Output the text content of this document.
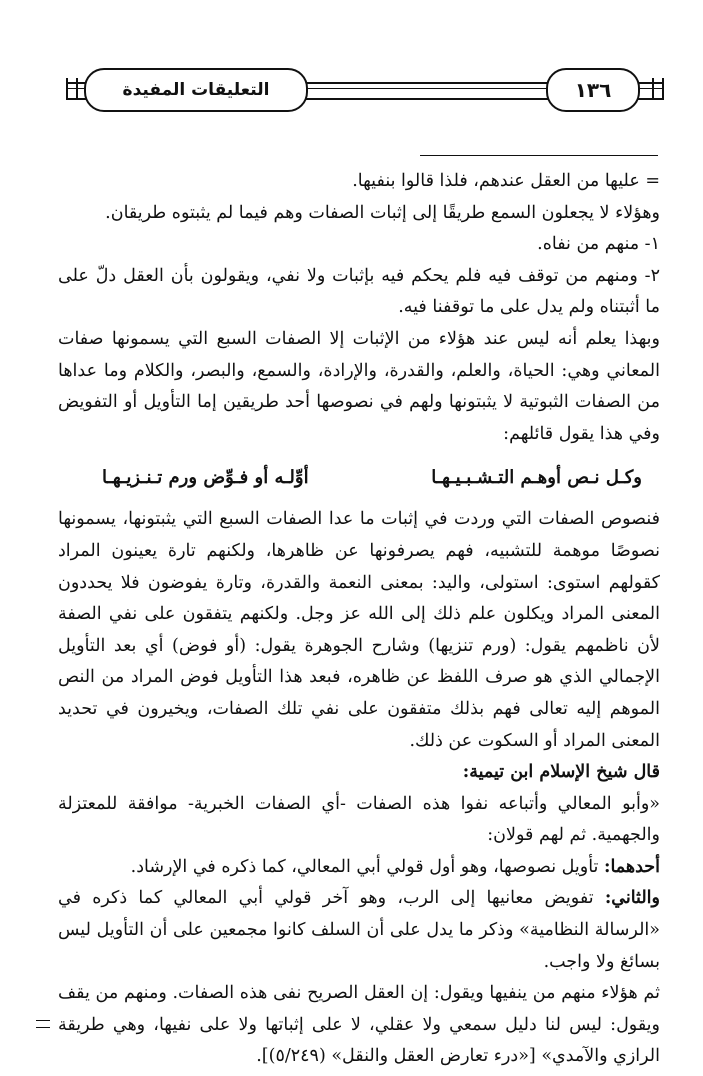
التعليقات المفيدة	١٣٦

= عليها من العقل عندهم، فلذا قالوا بنفيها.

وهؤلاء لا يجعلون السمع طريقًا إلى إثبات الصفات وهم فيما لم يثبتوه طريقان.

١- منهم من نفاه.

٢- ومنهم من توقف فيه فلم يحكم فيه بإثبات ولا نفي، ويقولون بأن العقل دلّ على ما أثبتناه ولم يدل على ما توقفنا فيه.

وبهذا يعلم أنه ليس عند هؤلاء من الإثبات إلا الصفات السبع التي يسمونها صفات المعاني وهي: الحياة، والعلم، والقدرة، والإرادة، والسمع، والبصر، والكلام وما عداها من الصفات الثبوتية لا يثبتونها ولهم في نصوصها أحد طريقين إما التأويل أو التفويض وفي هذا يقول قائلهم:

وكـل نـص أوهـم التـشـبـيـهـا
أوِّلـه أو فـوِّض ورم تـنـزيـهـا

فنصوص الصفات التي وردت في إثبات ما عدا الصفات السبع التي يثبتونها، يسمونها نصوصًا موهمة للتشبيه، فهم يصرفونها عن ظاهرها، ولكنهم تارة يعينون المراد كقولهم استوى: استولى، واليد: بمعنى النعمة والقدرة، وتارة يفوضون فلا يحددون المعنى المراد ويكلون علم ذلك إلى الله عز وجل. ولكنهم يتفقون على نفي الصفة لأن ناظمهم يقول: (ورم تنزيها) وشارح الجوهرة يقول: (أو فوض) أي بعد التأويل الإجمالي الذي هو صرف اللفظ عن ظاهره، فبعد هذا التأويل فوض المراد من النص الموهم إليه تعالى فهم بذلك متفقون على نفي تلك الصفات، ويخيرون في تحديد المعنى المراد أو السكوت عن ذلك.

قال شيخ الإسلام ابن تيمية:

«وأبو المعالي وأتباعه نفوا هذه الصفات -أي الصفات الخبرية- موافقة للمعتزلة والجهمية. ثم لهم قولان:

أحدهما: تأويل نصوصها، وهو أول قولي أبي المعالي، كما ذكره في الإرشاد.

والثاني: تفويض معانيها إلى الرب، وهو آخر قولي أبي المعالي كما ذكره في «الرسالة النظامية» وذكر ما يدل على أن السلف كانوا مجمعين على أن التأويل ليس بسائغ ولا واجب.

ثم هؤلاء منهم من ينفيها ويقول: إن العقل الصريح نفى هذه الصفات. ومنهم من يقف ويقول: ليس لنا دليل سمعي ولا عقلي، لا على إثباتها ولا على نفيها، وهي طريقة الرازي والآمدي» [«درء تعارض العقل والنقل» (٥/٢٤٩)].
